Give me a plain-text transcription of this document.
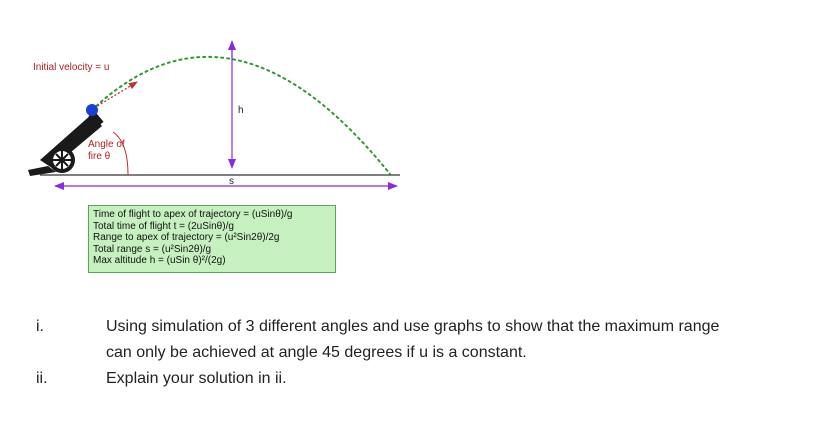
Initial velocity = u
Angle of
fire θ
h
s
Time of flight to apex of trajectory = (uSinθ)/g
Total time of flight t = (2uSinθ)/g
Range to apex of trajectory = (u²Sin2θ)/2g
Total range s = (u²Sin2θ)/g
Max altitude h = (uSin θ)²/(2g)
i.	Using simulation of 3 different angles and use graphs to show that the maximum range
can only be achieved at angle 45 degrees if u is a constant.
ii.	Explain your solution in ii.
